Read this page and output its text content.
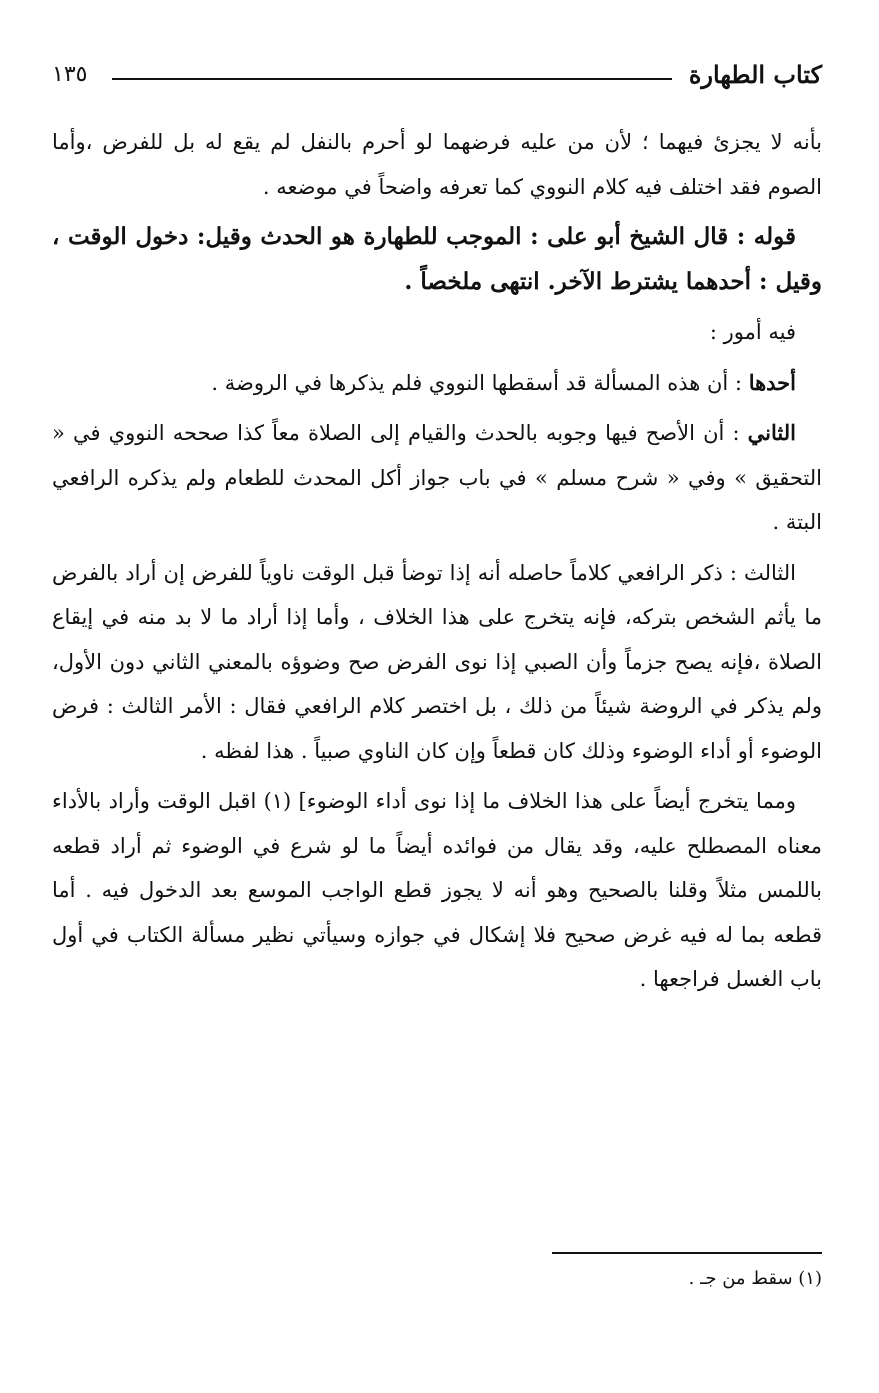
كتاب الطهارة
١٣٥

بأنه لا يجزئ فيهما ؛ لأن من عليه فرضهما لو أحرم بالنفل لم يقع له بل للفرض ،وأما الصوم فقد اختلف فيه كلام النووي كما تعرفه واضحاً في موضعه .

قوله : قال الشيخ أبو على : الموجب للطهارة هو الحدث وقيل: دخول الوقت ، وقيل : أحدهما يشترط الآخر. انتهى ملخصاً .

فيه أمور :

أحدها : أن هذه المسألة قد أسقطها النووي فلم يذكرها في الروضة .

الثاني : أن الأصح فيها وجوبه بالحدث والقيام إلى الصلاة معاً كذا صححه النووي في « التحقيق » وفي « شرح مسلم » في باب جواز أكل المحدث للطعام ولم يذكره الرافعي البتة .

الثالث : ذكر الرافعي كلاماً حاصله أنه إذا توضأ قبل الوقت ناوياً للفرض إن أراد بالفرض ما يأثم الشخص بتركه، فإنه يتخرج على هذا الخلاف ، وأما إذا أراد ما لا بد منه في إيقاع الصلاة ،فإنه يصح جزماً وأن الصبي إذا نوى الفرض صح وضوؤه بالمعني الثاني دون الأول، ولم يذكر في الروضة شيئاً من ذلك ، بل اختصر كلام الرافعي فقال : الأمر الثالث : فرض الوضوء أو أداء الوضوء وذلك كان قطعاً وإن كان الناوي صبياً . هذا لفظه .

ومما يتخرج أيضاً على هذا الخلاف ما إذا نوى أداء الوضوء] (١) اقبل الوقت وأراد بالأداء معناه المصطلح عليه، وقد يقال من فوائده أيضاً ما لو شرع في الوضوء ثم أراد قطعه باللمس مثلاً وقلنا بالصحيح وهو أنه لا يجوز قطع الواجب الموسع بعد الدخول فيه . أما قطعه بما له فيه غرض صحيح فلا إشكال في جوازه وسيأتي نظير مسألة الكتاب في أول باب الغسل فراجعها .

(١) سقط من جـ .
